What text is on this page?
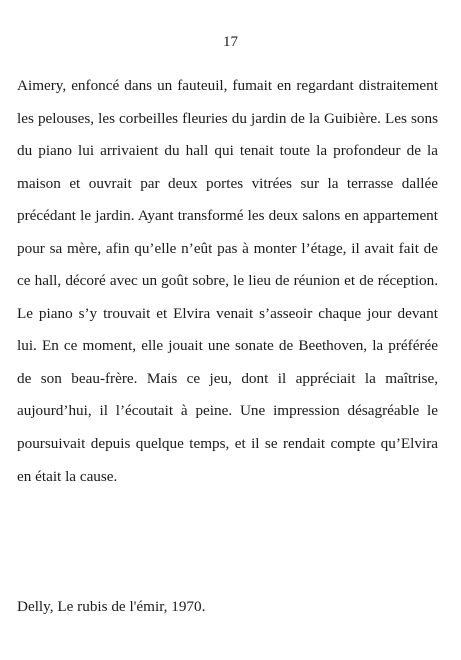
17

Aimery, enfoncé dans un fauteuil, fumait en regardant distraitement les pelouses, les corbeilles fleuries du jardin de la Guibière. Les sons du piano lui arrivaient du hall qui tenait toute la profondeur de la maison et ouvrait par deux portes vitrées sur la terrasse dallée précédant le jardin. Ayant transformé les deux salons en appartement pour sa mère, afin qu’elle n’eût pas à monter l’étage, il avait fait de ce hall, décoré avec un goût sobre, le lieu de réunion et de réception. Le piano s’y trouvait et Elvira venait s’asseoir chaque jour devant lui. En ce moment, elle jouait une sonate de Beethoven, la préférée de son beau-frère. Mais ce jeu, dont il appréciait la maîtrise, aujourd’hui, il l’écoutait à peine. Une impression désagréable le poursuivait depuis quelque temps, et il se rendait compte qu’Elvira en était la cause.

Delly, Le rubis de l'émir, 1970.
